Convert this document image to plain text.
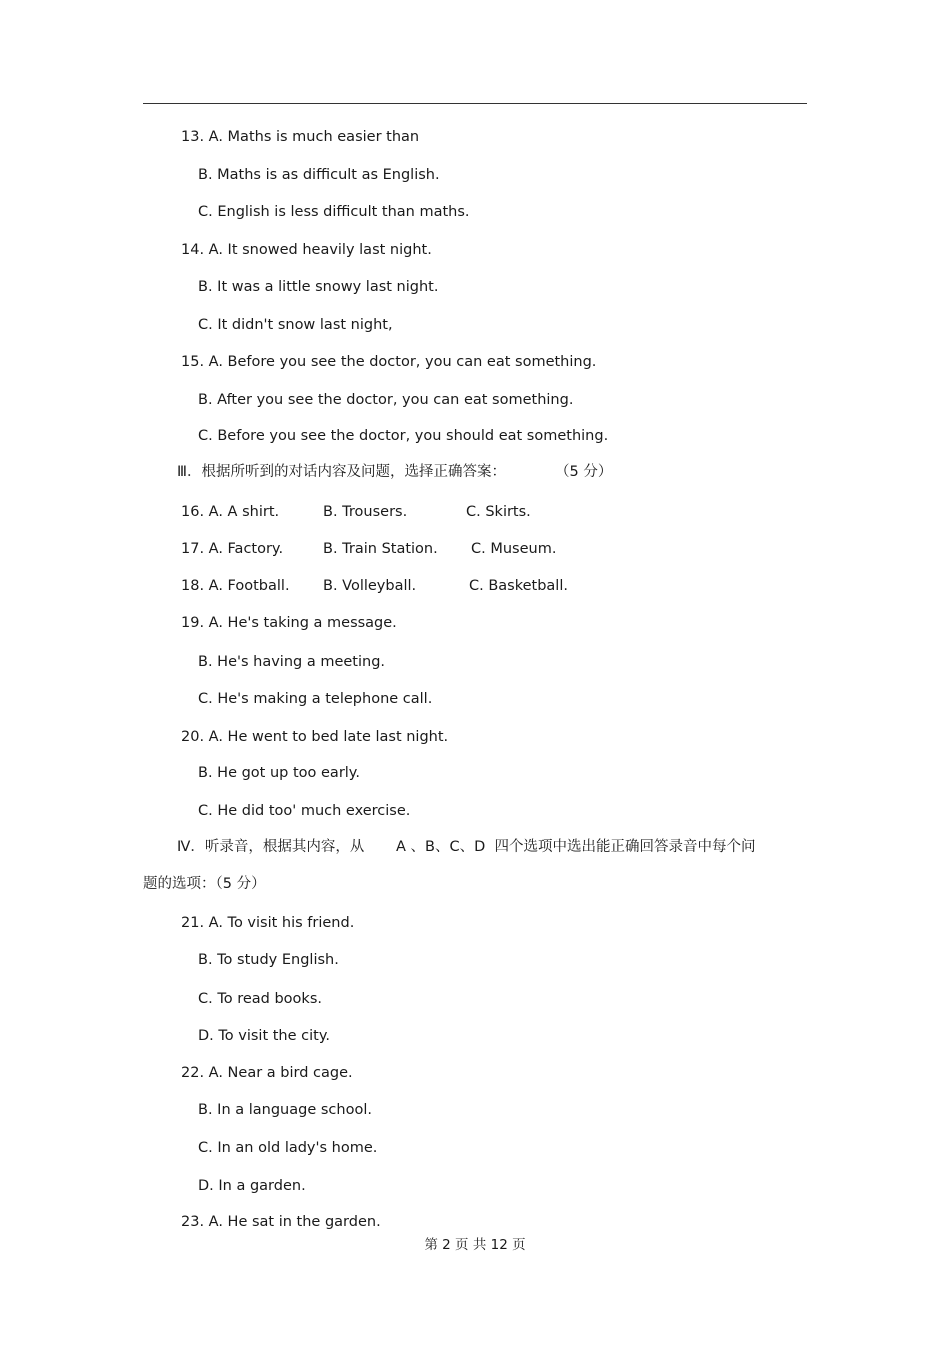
13. A. Maths is much easier than
B. Maths is as difficult as English.
C. English is less difficult than maths.
14. A. It snowed heavily last night.
B. It was a little snowy last night.
C. It didn't snow last night,
15. A. Before you see the doctor, you can eat something.
B. After you see the doctor, you can eat something.
C. Before you see the doctor, you should eat something.
Ⅲ．根据所听到的对话内容及问题，选择正确答案：	（5 分）
16. A. A shirt.	B. Trousers.	C. Skirts.
17. A. Factory.	B. Train Station. C. Museum.
18. A. Football. B. Volleyball.	C. Basketball.
19. A. He's taking a message.
B. He's having a meeting.
C. He's making a telephone call.
20. A. He went to bed late last night.
B. He got up too early.
C. He did too' much exercise.
Ⅳ．听录音，根据其内容，从 A 、B、C、D  四个选项中选出能正确回答录音中每个问
题的选项：（5 分）
21. A. To visit his friend.
B. To study English.
C. To read books.
D. To visit the city.
22. A. Near a bird cage.
B. In a language school.
C. In an old lady's home.
D. In a garden.
23. A. He sat in the garden.
第 2 页 共 12 页
